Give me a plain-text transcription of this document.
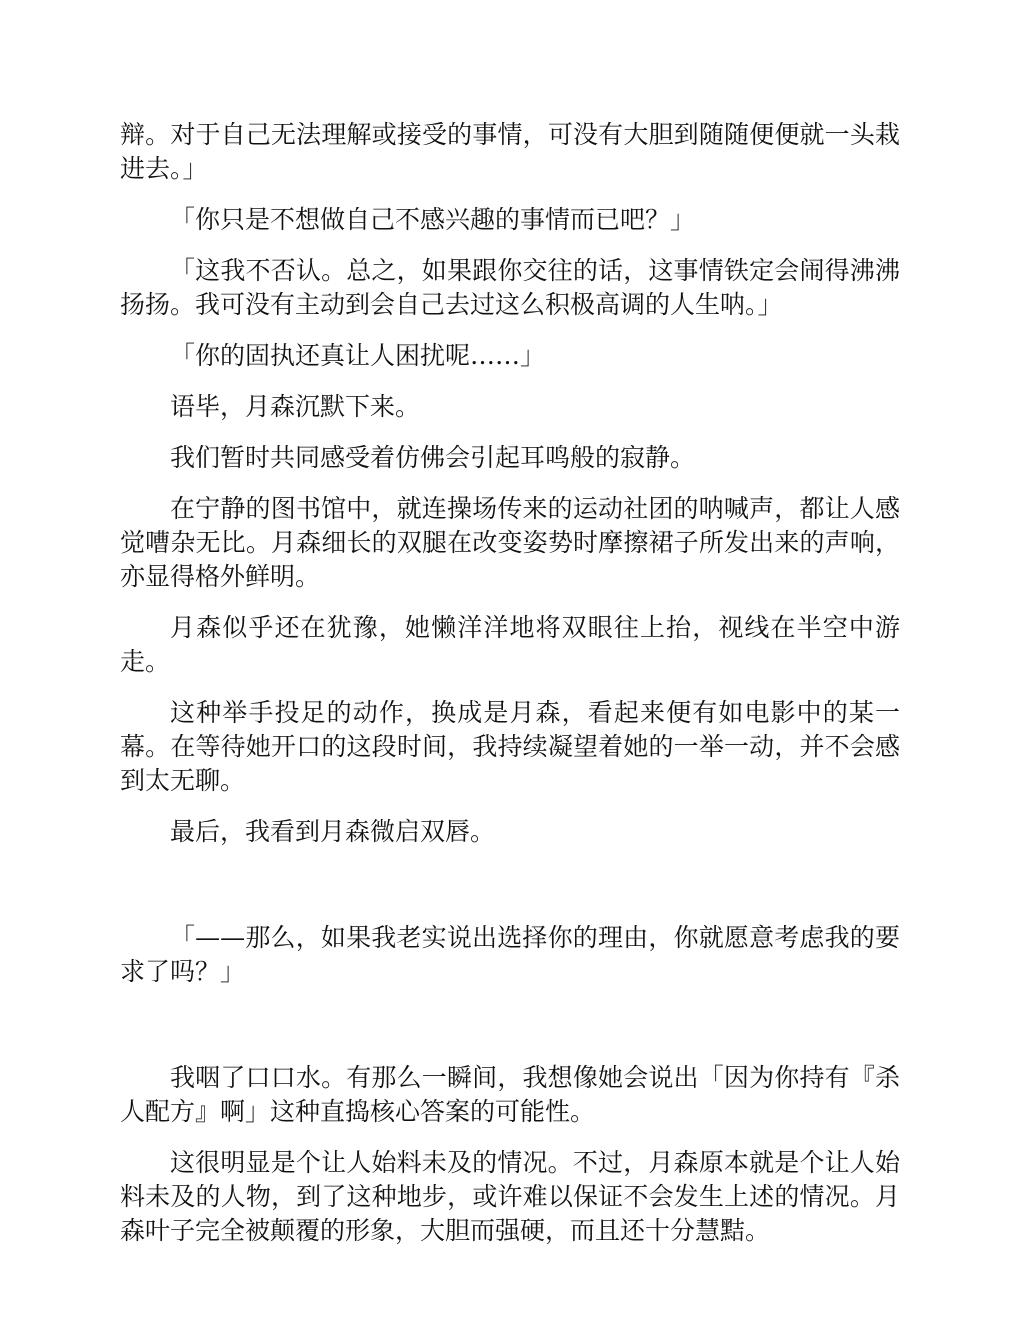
辩。对于自己无法理解或接受的事情，可没有大胆到随随便便就一头栽进去。」

「你只是不想做自己不感兴趣的事情而已吧？」

「这我不否认。总之，如果跟你交往的话，这事情铁定会闹得沸沸扬扬。我可没有主动到会自己去过这么积极高调的人生呐。」

「你的固执还真让人困扰呢……」

语毕，月森沉默下来。

我们暂时共同感受着仿佛会引起耳鸣般的寂静。

在宁静的图书馆中，就连操场传来的运动社团的呐喊声，都让人感觉嘈杂无比。月森细长的双腿在改变姿势时摩擦裙子所发出来的声响，亦显得格外鲜明。

月森似乎还在犹豫，她懒洋洋地将双眼往上抬，视线在半空中游走。

这种举手投足的动作，换成是月森，看起来便有如电影中的某一幕。在等待她开口的这段时间，我持续凝望着她的一举一动，并不会感到太无聊。

最后，我看到月森微启双唇。

「——那么，如果我老实说出选择你的理由，你就愿意考虑我的要求了吗？」

我咽了口口水。有那么一瞬间，我想像她会说出「因为你持有『杀人配方』啊」这种直捣核心答案的可能性。

这很明显是个让人始料未及的情况。不过，月森原本就是个让人始料未及的人物，到了这种地步，或许难以保证不会发生上述的情况。月森叶子完全被颠覆的形象，大胆而强硬，而且还十分慧黠。
